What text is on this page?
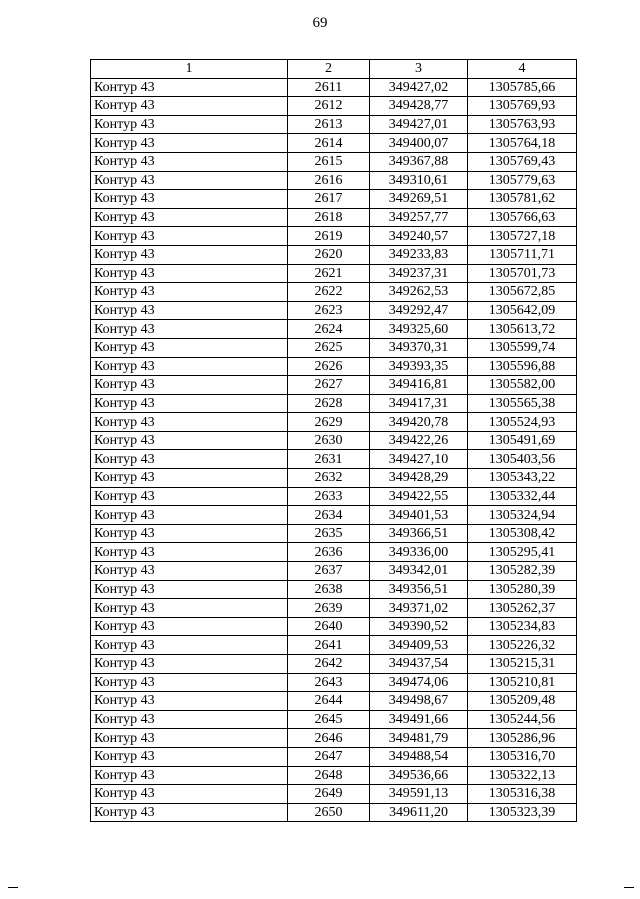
69
1	2	3	4
Контур 43	2611	349427,02	1305785,66
Контур 43	2612	349428,77	1305769,93
Контур 43	2613	349427,01	1305763,93
Контур 43	2614	349400,07	1305764,18
Контур 43	2615	349367,88	1305769,43
Контур 43	2616	349310,61	1305779,63
Контур 43	2617	349269,51	1305781,62
Контур 43	2618	349257,77	1305766,63
Контур 43	2619	349240,57	1305727,18
Контур 43	2620	349233,83	1305711,71
Контур 43	2621	349237,31	1305701,73
Контур 43	2622	349262,53	1305672,85
Контур 43	2623	349292,47	1305642,09
Контур 43	2624	349325,60	1305613,72
Контур 43	2625	349370,31	1305599,74
Контур 43	2626	349393,35	1305596,88
Контур 43	2627	349416,81	1305582,00
Контур 43	2628	349417,31	1305565,38
Контур 43	2629	349420,78	1305524,93
Контур 43	2630	349422,26	1305491,69
Контур 43	2631	349427,10	1305403,56
Контур 43	2632	349428,29	1305343,22
Контур 43	2633	349422,55	1305332,44
Контур 43	2634	349401,53	1305324,94
Контур 43	2635	349366,51	1305308,42
Контур 43	2636	349336,00	1305295,41
Контур 43	2637	349342,01	1305282,39
Контур 43	2638	349356,51	1305280,39
Контур 43	2639	349371,02	1305262,37
Контур 43	2640	349390,52	1305234,83
Контур 43	2641	349409,53	1305226,32
Контур 43	2642	349437,54	1305215,31
Контур 43	2643	349474,06	1305210,81
Контур 43	2644	349498,67	1305209,48
Контур 43	2645	349491,66	1305244,56
Контур 43	2646	349481,79	1305286,96
Контур 43	2647	349488,54	1305316,70
Контур 43	2648	349536,66	1305322,13
Контур 43	2649	349591,13	1305316,38
Контур 43	2650	349611,20	1305323,39
